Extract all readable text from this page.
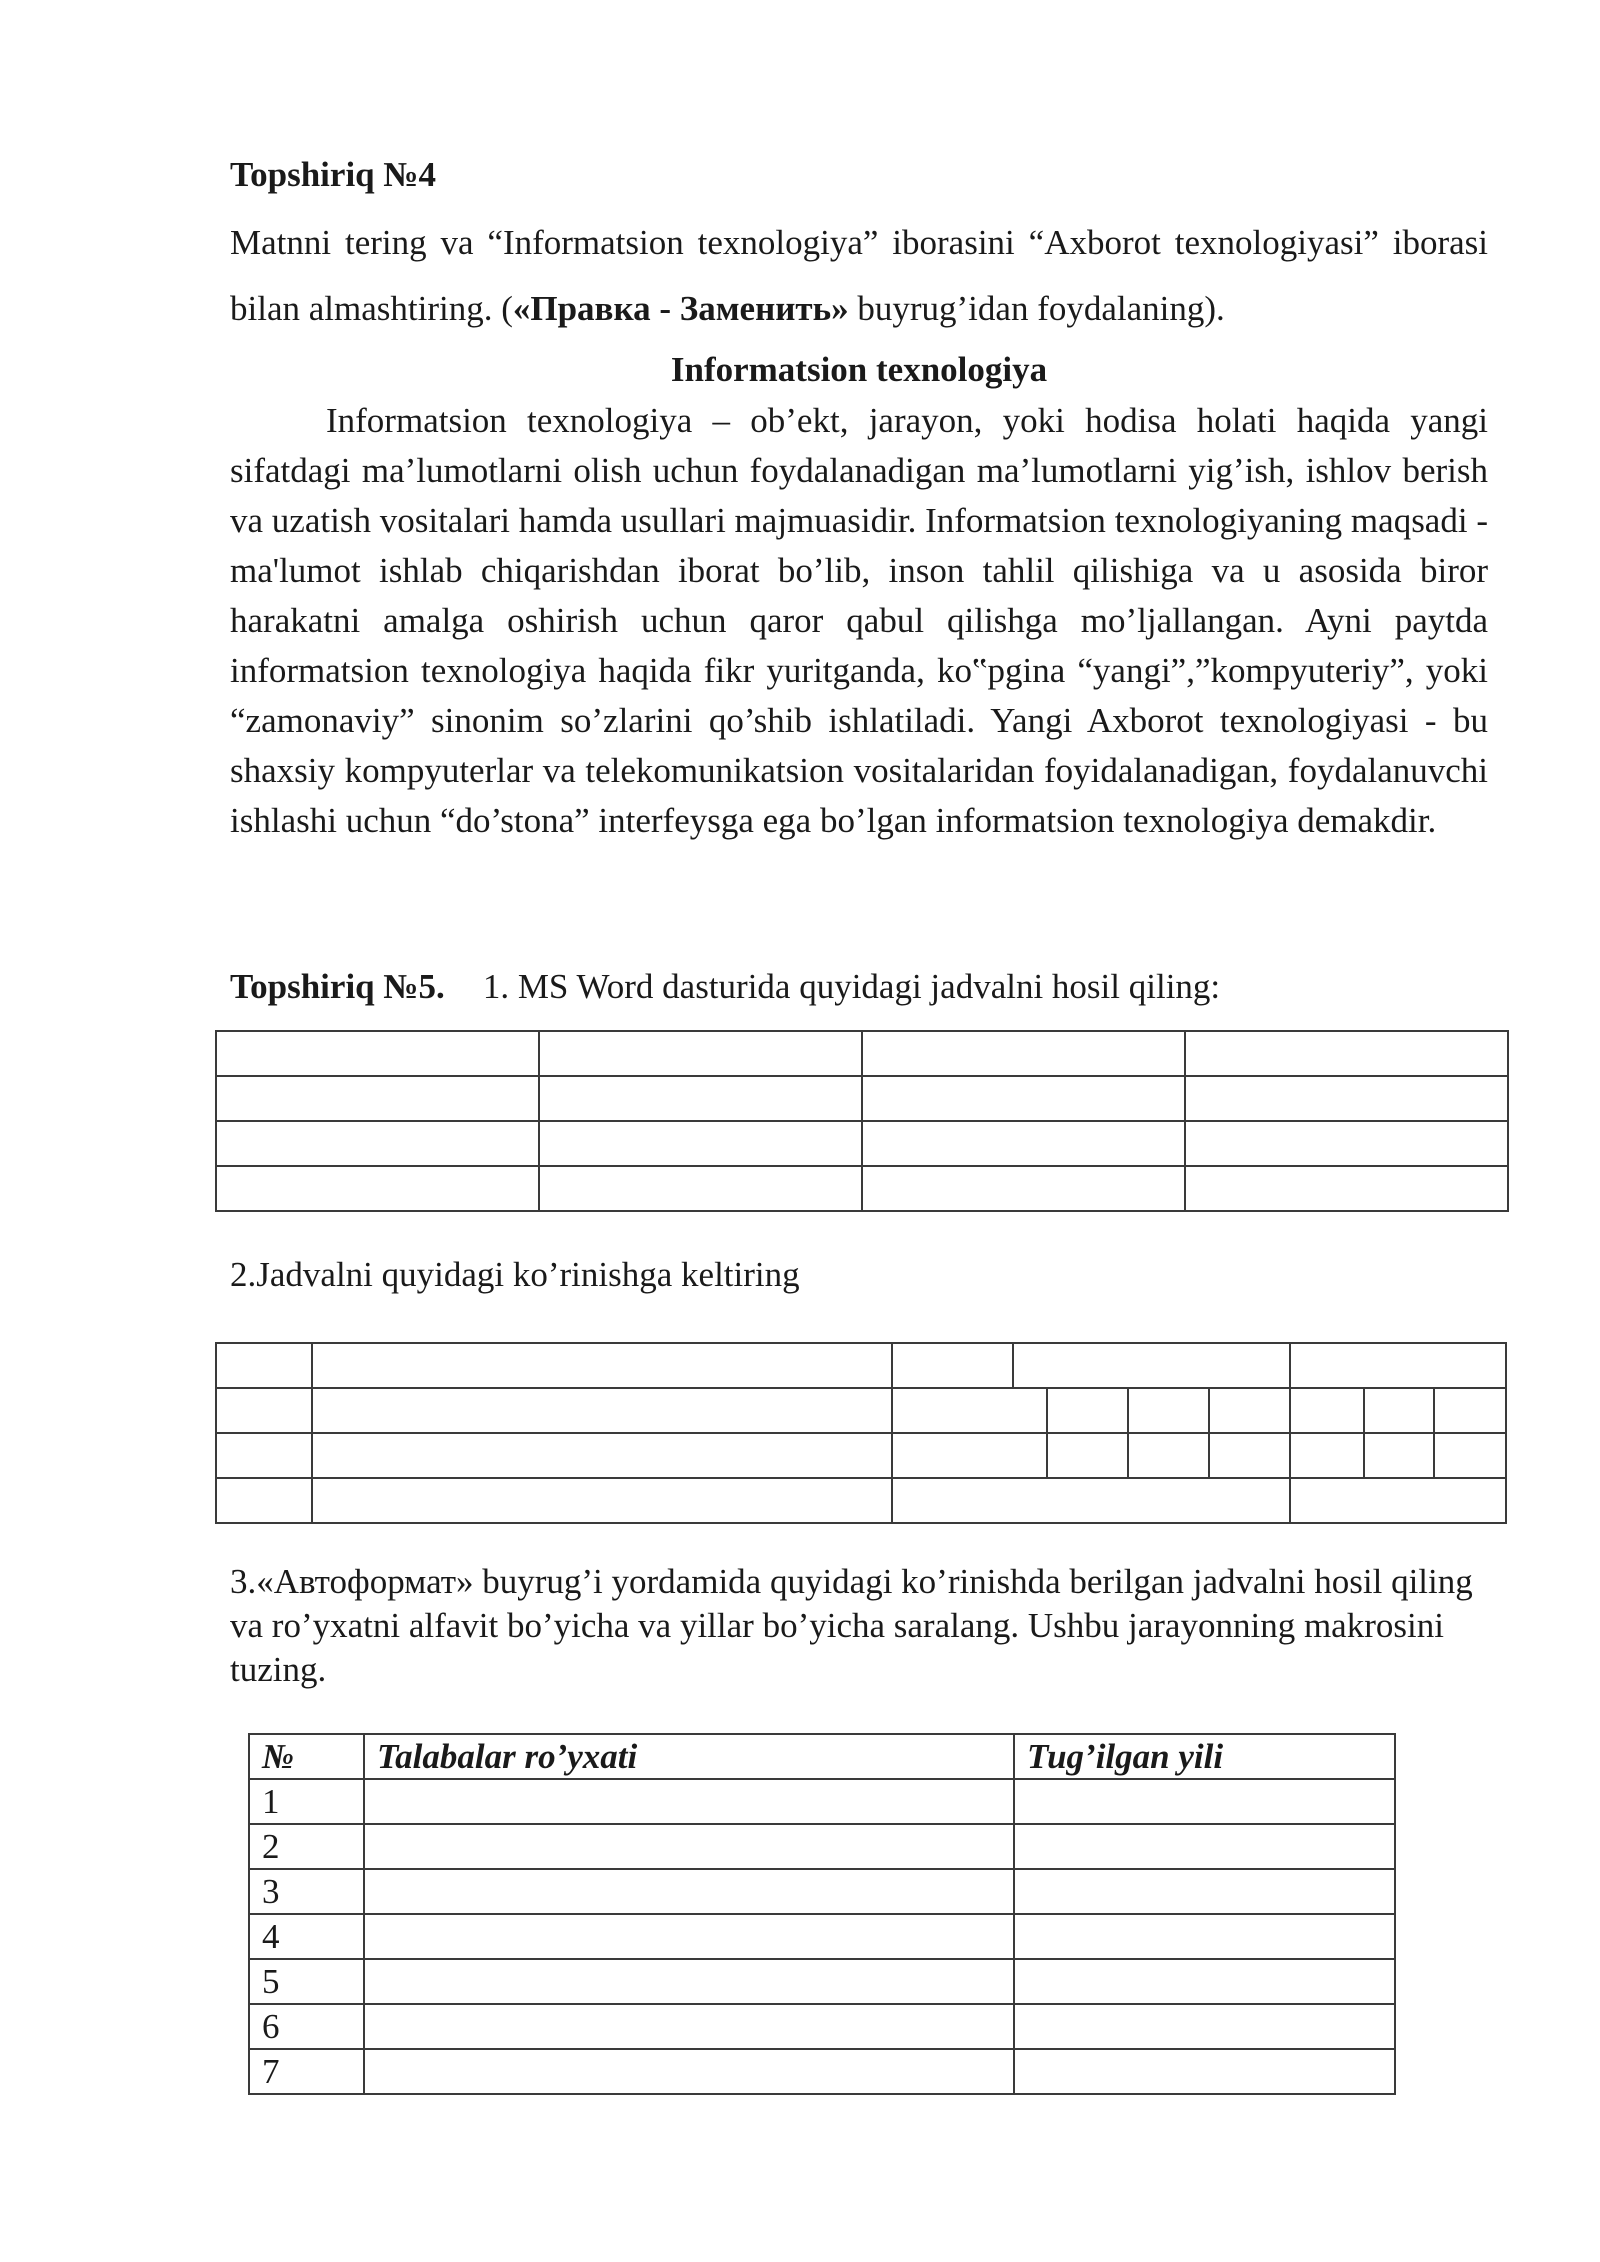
Topshiriq №4

Matnni tering va “Informatsion texnologiya” iborasini “Axborot texnologiyasi” iborasi bilan almashtiring. («Правка - Заменить» buyrug’idan foydalaning).

Informatsion texnologiya

Informatsion texnologiya – ob’ekt, jarayon, yoki hodisa holati haqida yangi sifatdagi ma’lumotlarni olish uchun foydalanadigan ma’lumotlarni yig’ish, ishlov berish va uzatish vositalari hamda usullari majmuasidir. Informatsion texnologiyaning maqsadi - ma'lumot ishlab chiqarishdan iborat bo’lib, inson tahlil qilishiga va u asosida biror harakatni amalga oshirish uchun qaror qabul qilishga mo’ljallangan. Ayni paytda informatsion texnologiya haqida fikr yuritganda, ko‟pgina “yangi”,”kompyuteriy”, yoki “zamonaviy” sinonim so’zlarini qo’shib ishlatiladi. Yangi Axborot texnologiyasi - bu shaxsiy kompyuterlar va telekomunikatsion vositalaridan foyidalanadigan, foydalanuvchi ishlashi uchun “do’stona” interfeysga ega bo’lgan informatsion texnologiya demakdir.

Topshiriq №5. 1. MS Word dasturida quyidagi jadvalni hosil qiling:

2.Jadvalni quyidagi ko’rinishga keltiring

3.«Автоформат» buyrug’i yordamida quyidagi ko’rinishda berilgan jadvalni hosil qiling va ro’yxatni alfavit bo’yicha va yillar bo’yicha saralang. Ushbu jarayonning makrosini tuzing.

№	Talabalar ro’yxati	Tug’ilgan yili
1		
2		
3		
4		
5		
6		
7		
